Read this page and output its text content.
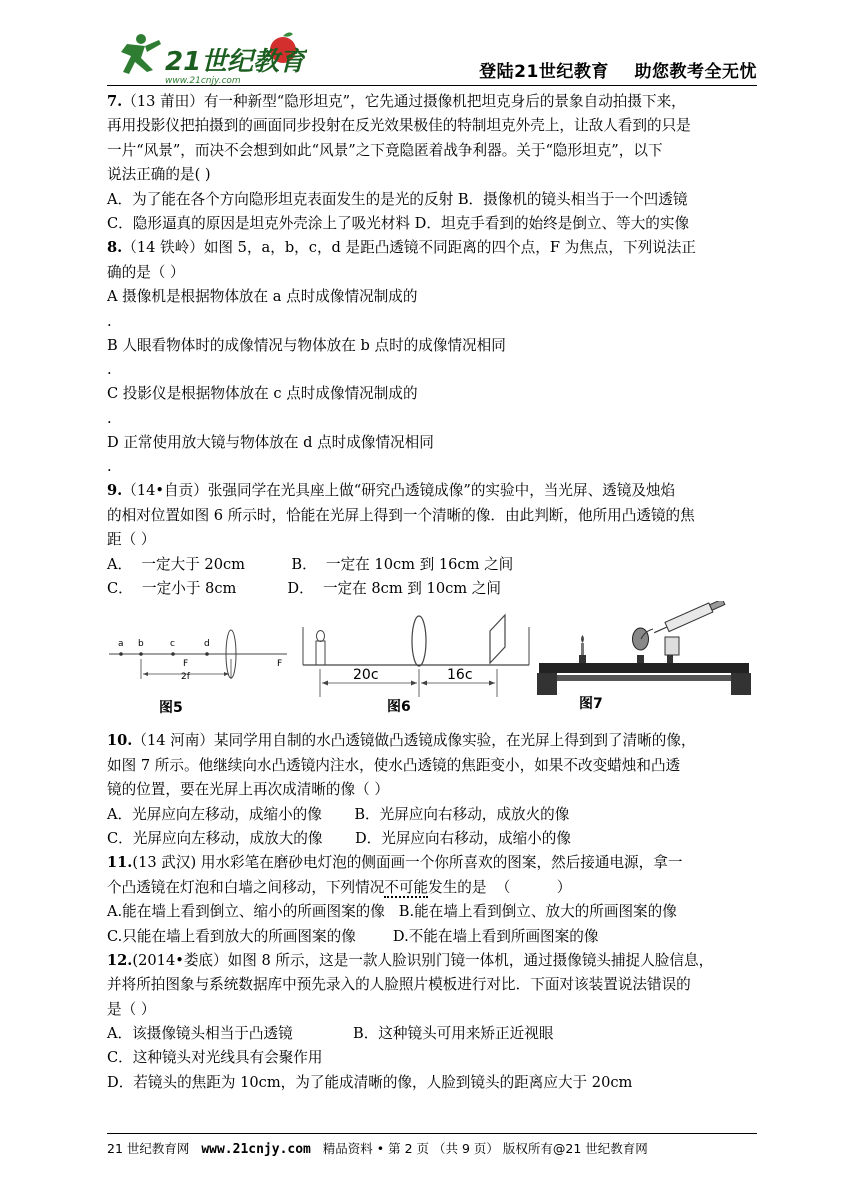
21世纪教育
www.21cnjy.com	登陆21世纪教育    助您教考全无忧
7.（13 莆田）有一种新型“隐形坦克”，它先通过摄像机把坦克身后的景象自动拍摄下来，
再用投影仪把拍摄到的画面同步投射在反光效果极佳的特制坦克外壳上，让敌人看到的只是
一片“风景”，而决不会想到如此“风景”之下竟隐匿着战争利器。关于“隐形坦克”，以下
说法正确的是( )
A．为了能在各个方向隐形坦克表面发生的是光的反射 B．摄像机的镜头相当于一个凹透镜
C．隐形逼真的原因是坦克外壳涂上了吸光材料 D．坦克手看到的始终是倒立、等大的实像
8.（14 铁岭）如图 5，a，b，c，d 是距凸透镜不同距离的四个点，F 为焦点，下列说法正
确的是（ ）
A 摄像机是根据物体放在 a 点时成像情况制成的
.
B 人眼看物体时的成像情况与物体放在 b 点时的成像情况相同
.
C 投影仪是根据物体放在 c 点时成像情况制成的
.
D 正常使用放大镜与物体放在 d 点时成像情况相同
.
9.（14•自贡）张强同学在光具座上做“研究凸透镜成像”的实验中，当光屏、透镜及烛焰
的相对位置如图 6 所示时，恰能在光屏上得到一个清晰的像．由此判断，他所用凸透镜的焦
距（ ）
A．  一定大于 20cm          B．  一定在 10cm 到 16cm 之间
C．  一定小于 8cm           D．  一定在 8cm 到 10cm 之间
a b	c	d
F	F
2f
图5
20c	16c
图6	图7
10.（14 河南）某同学用自制的水凸透镜做凸透镜成像实验，在光屏上得到到了清晰的像，
如图 7 所示。他继续向水凸透镜内注水，使水凸透镜的焦距变小，如果不改变蜡烛和凸透
镜的位置，要在光屏上再次成清晰的像（ ）
A．光屏应向左移动，成缩小的像       B．光屏应向右移动，成放火的像
C．光屏应向左移动，成放大的像       D．光屏应向右移动，成缩小的像
11.(13 武汉) 用水彩笔在磨砂电灯泡的侧面画一个你所喜欢的图案，然后接通电源，拿一
个凸透镜在灯泡和白墙之间移动，下列情况不可能发生的是  （          ）
A.能在墙上看到倒立、缩小的所画图案的像   B.能在墙上看到倒立、放大的所画图案的像
C.只能在墙上看到放大的所画图案的像        D.不能在墙上看到所画图案的像
12.(2014•娄底）如图 8 所示，这是一款人脸识别门镜一体机，通过摄像镜头捕捉人脸信息，
并将所拍图象与系统数据库中预先录入的人脸照片模板进行对比．下面对该装置说法错误的
是（ ）
A．该摄像镜头相当于凸透镜             B．这种镜头可用来矫正近视眼
C．这种镜头对光线具有会聚作用
D．若镜头的焦距为 10cm，为了能成清晰的像，人脸到镜头的距离应大于 20cm
21 世纪教育网   www.21cnjy.com   精品资料 • 第 2 页 （共 9 页） 版权所有@21 世纪教育网
